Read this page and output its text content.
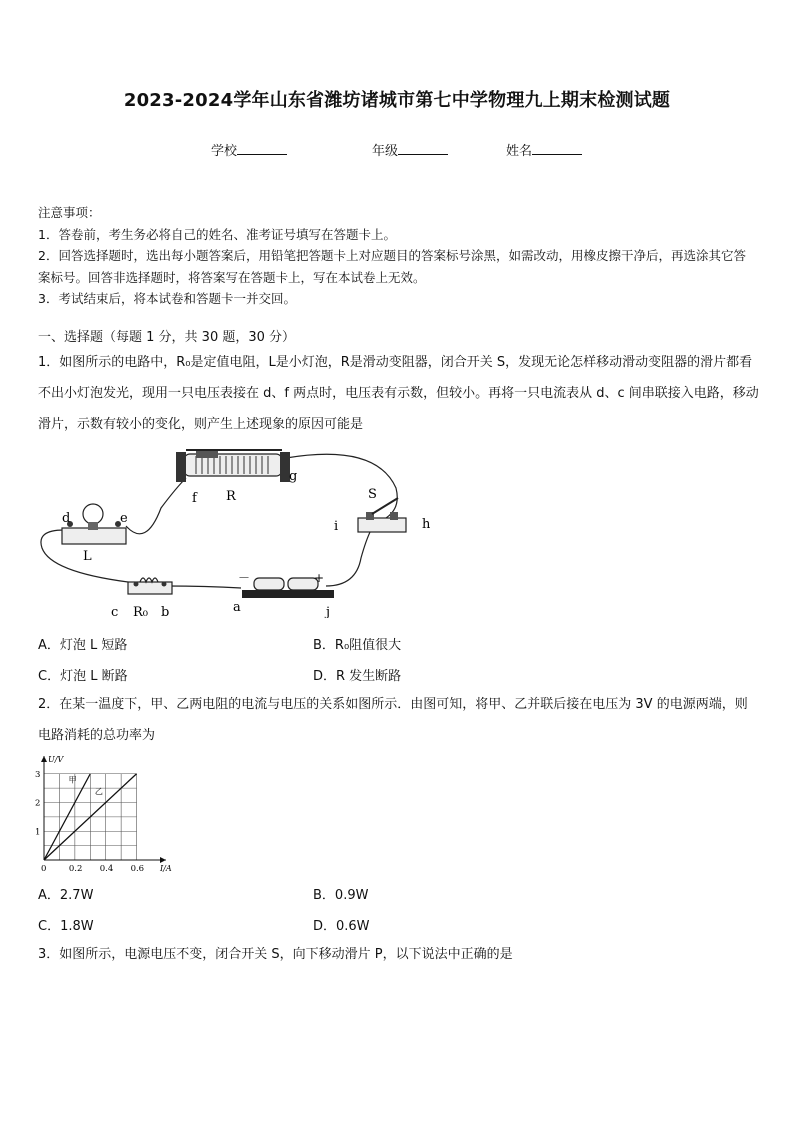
2023-2024学年山东省潍坊诸城市第七中学物理九上期末检测试题
学校	年级	姓名
注意事项：
1．答卷前，考生务必将自己的姓名、准考证号填写在答题卡上。
2．回答选择题时，选出每小题答案后，用铅笔把答题卡上对应题目的答案标号涂黑，如需改动，用橡皮擦干净后，再选涂其它答案标号。回答非选择题时，将答案写在答题卡上，写在本试卷上无效。
3．考试结束后，将本试卷和答题卡一并交回。
一、选择题（每题 1 分，共 30 题，30 分）
1．如图所示的电路中，R₀是定值电阻，L是小灯泡，R是滑动变阻器，闭合开关 S，发现无论怎样移动滑动变阻器的滑片都看不出小灯泡发光，现用一只电压表接在 d、f 两点时，电压表有示数，但较小。再将一只电流表从 d、c 间串联接入电路，移动滑片，示数有较小的变化，则产生上述现象的原因可能是
f R
g
S
i	h
d	e
L
c R₀ b	a	j
－	+
A．灯泡 L 短路	B．R₀阻值很大
C．灯泡 L 断路	D．R 发生断路
2．在某一温度下，甲、乙两电阻的电流与电压的关系如图所示．由图可知，将甲、乙并联后接在电压为 3V 的电源两端，则电路消耗的总功率为
甲
乙
0	0.2 0.4 0.6
1
2
3
I/A
U/V
A．2.7W	B．0.9W
C．1.8W	D．0.6W
3．如图所示，电源电压不变，闭合开关 S，向下移动滑片 P，以下说法中正确的是
